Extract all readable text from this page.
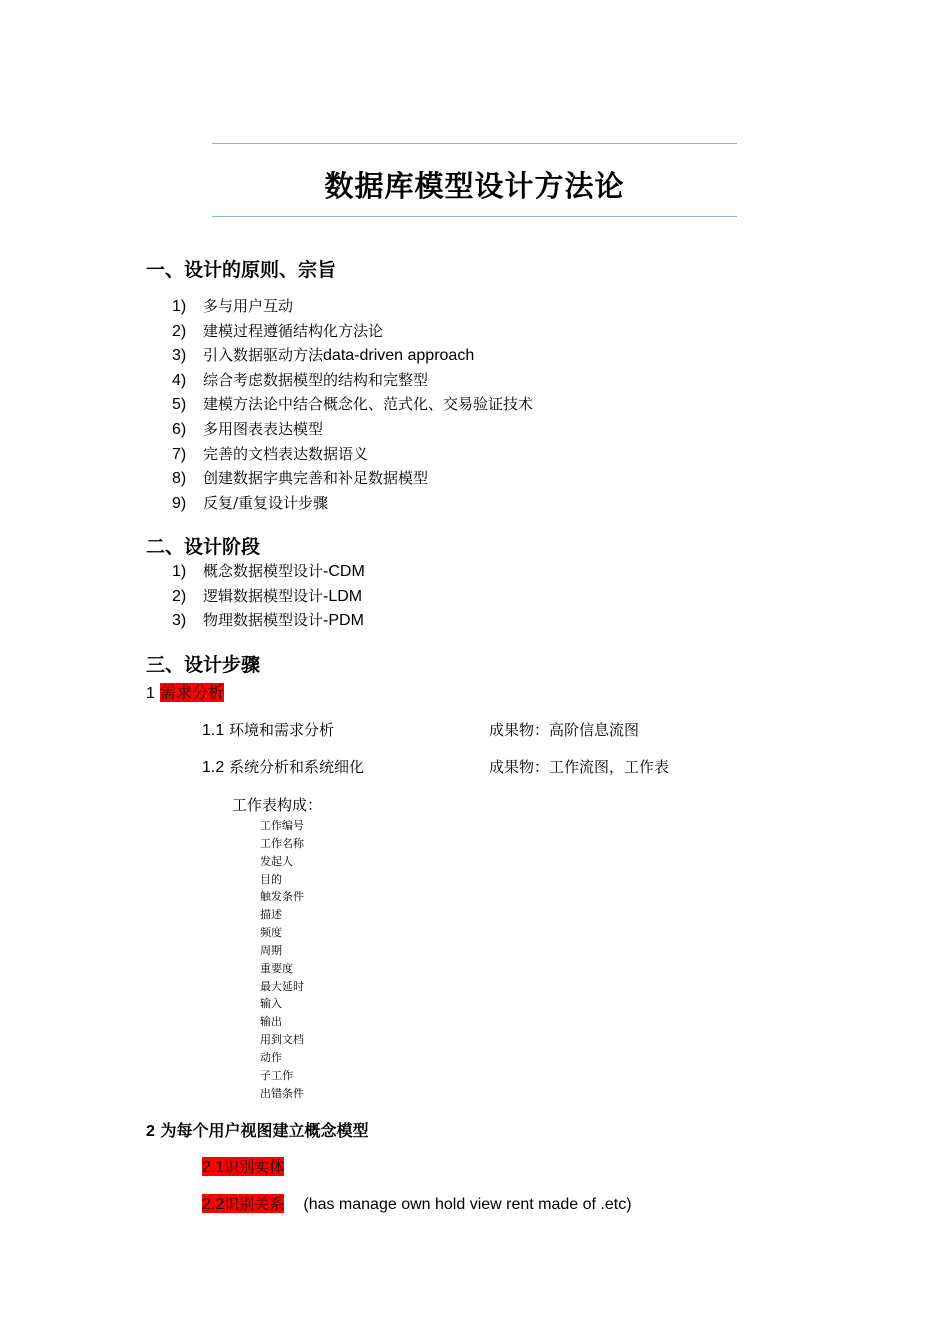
数据库模型设计方法论
一、设计的原则、宗旨
1) 多与用户互动
2) 建模过程遵循结构化方法论
3) 引入数据驱动方法data-driven approach
4) 综合考虑数据模型的结构和完整型
5) 建模方法论中结合概念化、范式化、交易验证技术
6) 多用图表表达模型
7) 完善的文档表达数据语义
8) 创建数据字典完善和补足数据模型
9) 反复/重复设计步骤
二、设计阶段
1) 概念数据模型设计-CDM
2) 逻辑数据模型设计-LDM
3) 物理数据模型设计-PDM
三、设计步骤
1 需求分析
1.1 环境和需求分析	成果物：高阶信息流图
1.2 系统分析和系统细化	成果物：工作流图，工作表
工作表构成：
工作编号
工作名称
发起人
目的
触发条件
描述
频度
周期
重要度
最大延时
输入
输出
用到文档
动作
子工作
出错条件
2 为每个用户视图建立概念模型
2.1识别实体
2.2识别关系 (has manage own hold view rent made of .etc)
